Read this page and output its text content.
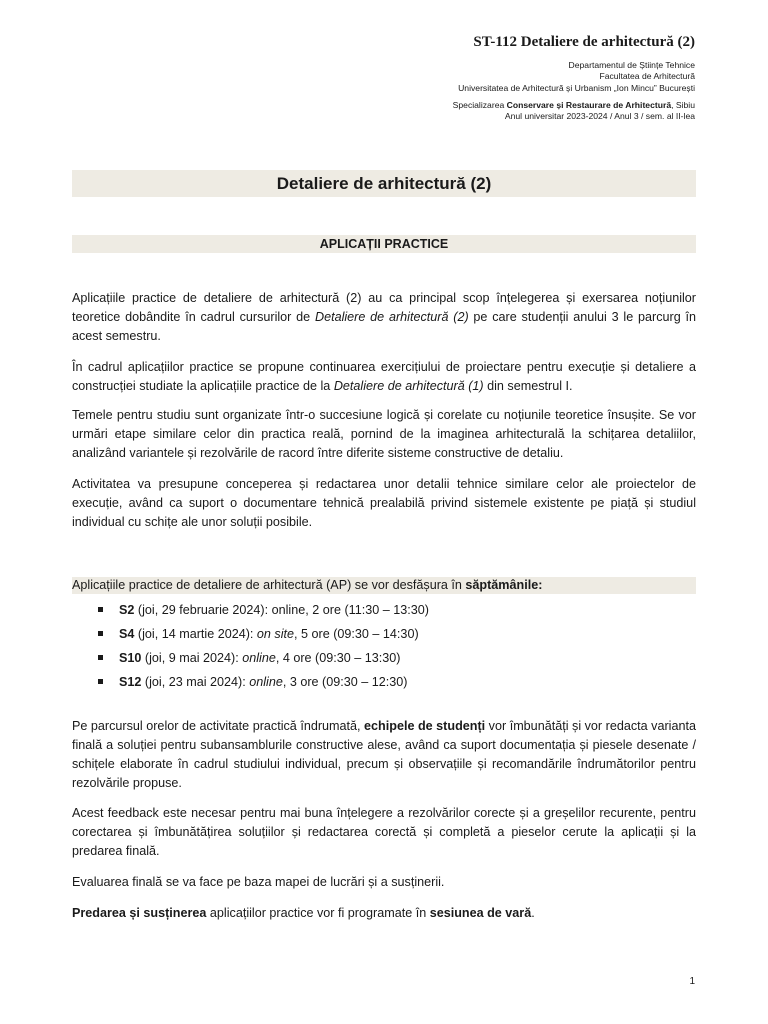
ST-112 Detaliere de arhitectură (2)
Departamentul de Științe Tehnice
Facultatea de Arhitectură
Universitatea de Arhitectură și Urbanism „Ion Mincu” București
Specializarea Conservare și Restaurare de Arhitectură, Sibiu
Anul universitar 2023-2024 / Anul 3 / sem. al II-lea
Detaliere de arhitectură (2)
APLICAȚII PRACTICE

Aplicațiile practice de detaliere de arhitectură (2) au ca principal scop înțelegerea și exersarea noțiunilor teoretice dobândite în cadrul cursurilor de Detaliere de arhitectură (2) pe care studenții anului 3 le parcurg în acest semestru.

În cadrul aplicațiilor practice se propune continuarea exercițiului de proiectare pentru execuție și detaliere a construcției studiate la aplicațiile practice de la Detaliere de arhitectură (1) din semestrul I.

Temele pentru studiu sunt organizate într-o succesiune logică și corelate cu noțiunile teoretice însușite. Se vor urmări etape similare celor din practica reală, pornind de la imaginea arhitecturală la schițarea detaliilor, analizând variantele și rezolvările de racord între diferite sisteme constructive de detaliu.

Activitatea va presupune conceperea și redactarea unor detalii tehnice similare celor ale proiectelor de execuție, având ca suport o documentare tehnică prealabilă privind sistemele existente pe piață și studiul individual cu schițe ale unor soluții posibile.

Aplicațiile practice de detaliere de arhitectură (AP) se vor desfășura în săptămânile:
S2 (joi, 29 februarie 2024): online, 2 ore (11:30 – 13:30)
S4 (joi, 14 martie 2024): on site, 5 ore (09:30 – 14:30)
S10 (joi, 9 mai 2024): online, 4 ore (09:30 – 13:30)
S12 (joi, 23 mai 2024): online, 3 ore (09:30 – 12:30)

Pe parcursul orelor de activitate practică îndrumată, echipele de studenți vor îmbunătăți și vor redacta varianta finală a soluției pentru subansamblurile constructive alese, având ca suport documentația și piesele desenate / schițele elaborate în cadrul studiului individual, precum și observațiile și recomandările îndrumătorilor pentru rezolvările propuse.

Acest feedback este necesar pentru mai buna înțelegere a rezolvărilor corecte și a greșelilor recurente, pentru corectarea și îmbunătățirea soluțiilor și redactarea corectă și completă a pieselor cerute la aplicații și la predarea finală.

Evaluarea finală se va face pe baza mapei de lucrări și a susținerii.

Predarea și susținerea aplicațiilor practice vor fi programate în sesiunea de vară.

1
